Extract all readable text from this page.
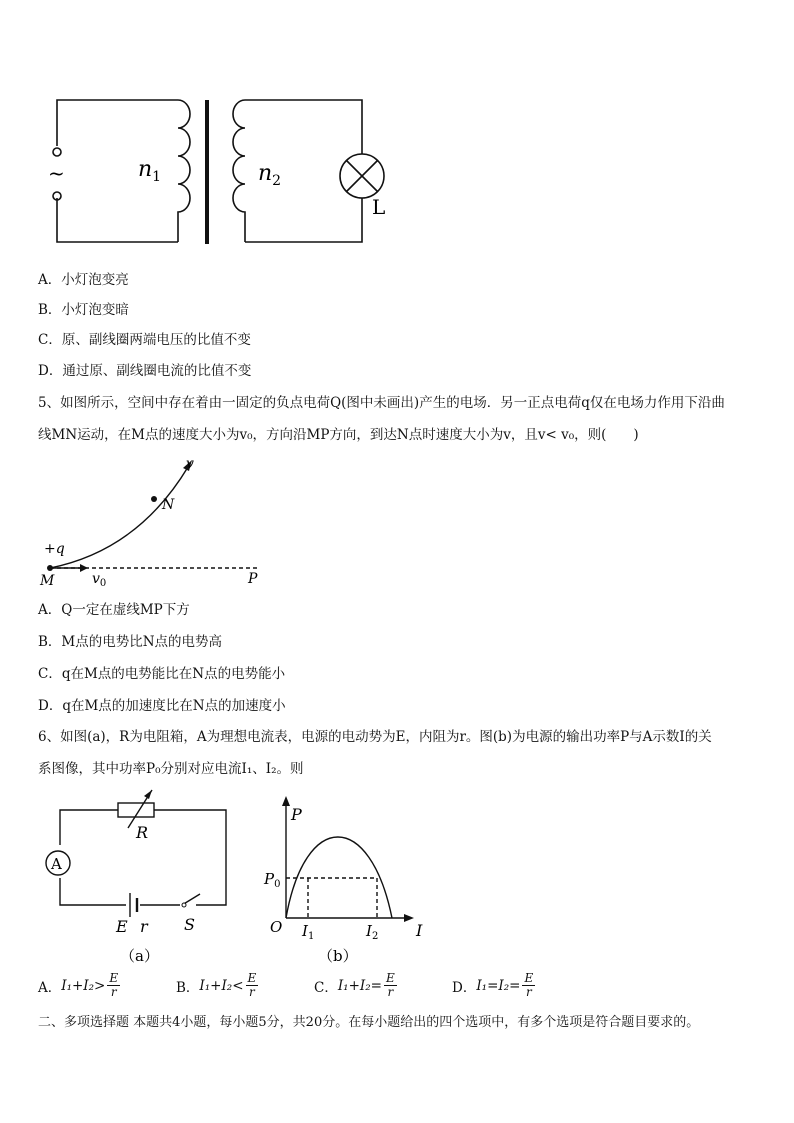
~	$n_1$	$n_2$
L
A．小灯泡变亮
B．小灯泡变暗
C．原、副线圈两端电压的比值不变
D．通过原、副线圈电流的比值不变
5、如图所示，空间中存在着由一固定的负点电荷Q(图中未画出)产生的电场．另一正点电荷q仅在电场力作用下沿曲
线MN运动，在M点的速度大小为v₀，方向沿MP方向，到达N点时速度大小为v，且v< v₀，则(　　)
v
N
+q
M	$v_0$	P
A．Q一定在虚线MP下方
B．M点的电势比N点的电势高
C．q在M点的电势能比在N点的电势能小
D．q在M点的加速度比在N点的加速度小
6、如图(a)，R为电阻箱，A为理想电流表，电源的电动势为E，内阻为r。图(b)为电源的输出功率P与A示数I的关
系图像，其中功率P₀分别对应电流I₁、I₂。则
R
A
E r S
（a）
P
$P_0$
O $I_1$	$I_2$ I
（b）
A． $I_1+I_2> \frac{E}{r}$	B． $I_1+I_2< \frac{E}{r}$	C． $I_1+I_2= \frac{E}{r}$	D． $I_1=I_2= \frac{E}{r}$
二、多项选择题 本题共4小题，每小题5分，共20分。在每小题给出的四个选项中，有多个选项是符合题目要求的。
